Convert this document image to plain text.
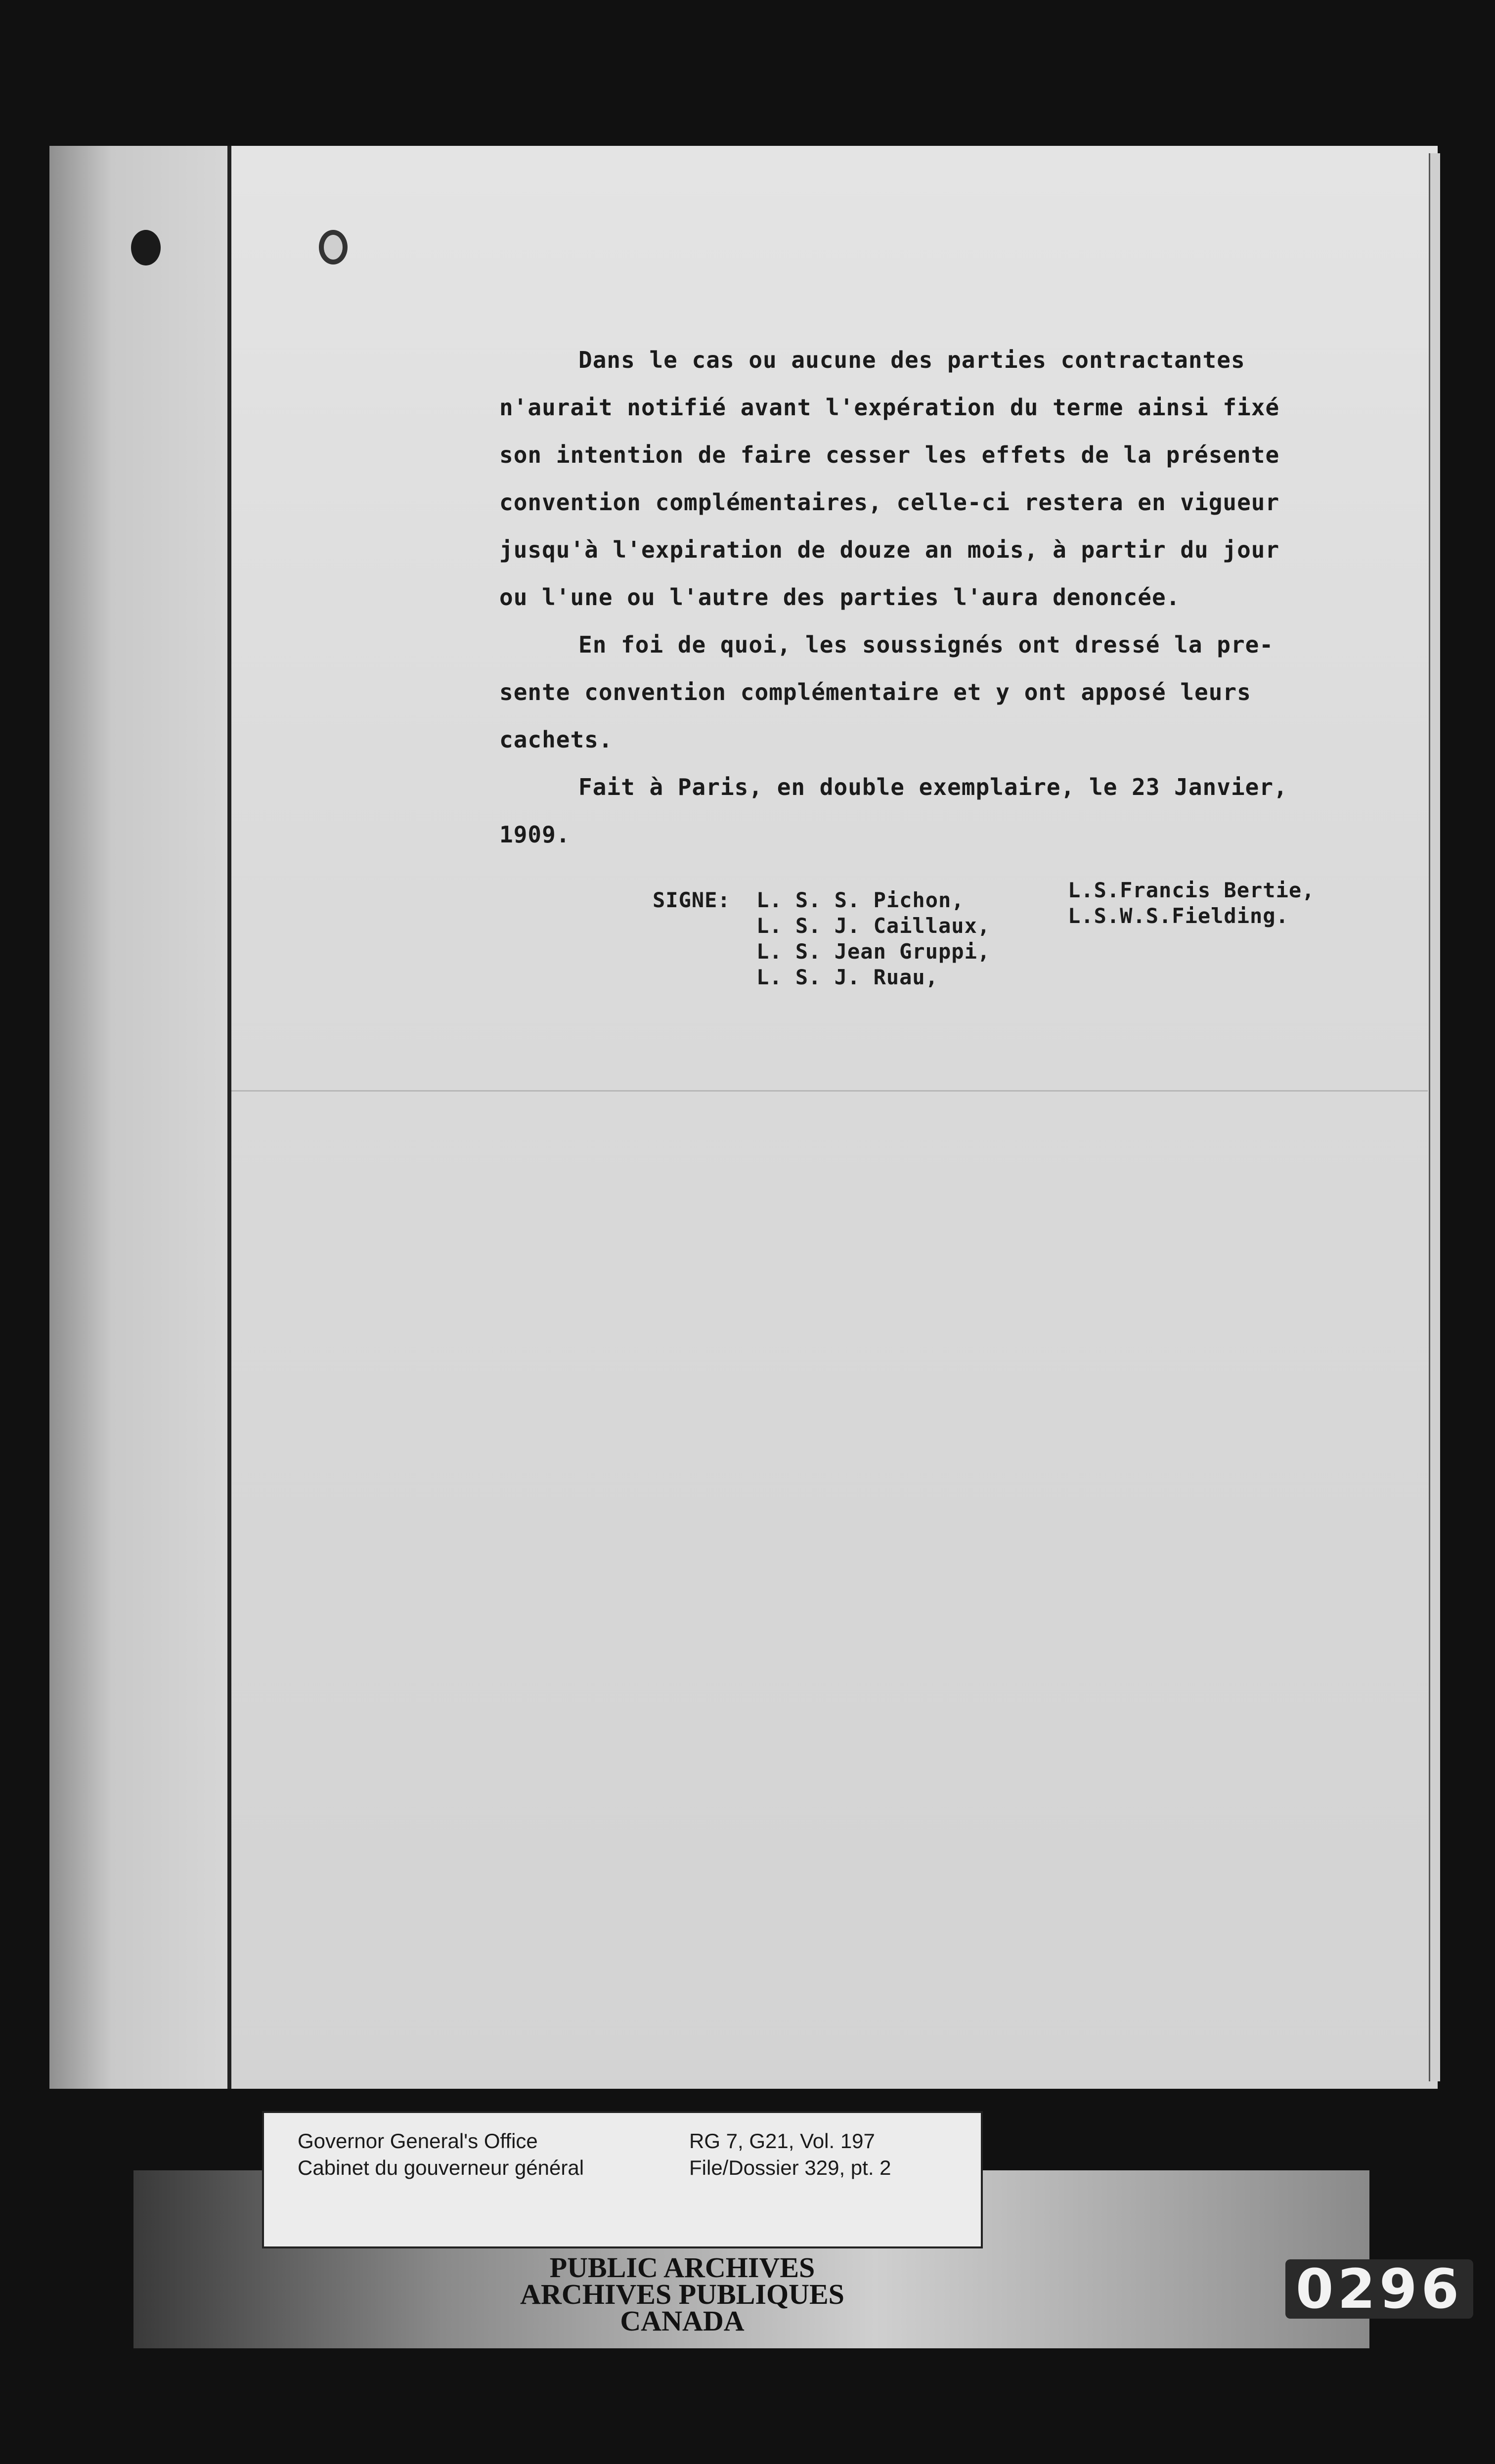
Dans le cas ou aucune des parties contractantes
n'aurait notifié avant l'expération du terme ainsi fixé
son intention de faire cesser les effets de la présente
convention complémentaires, celle-ci restera en vigueur
jusqu'à l'expiration de douze an mois, à partir du jour
ou l'une ou l'autre des parties l'aura denoncée.
En foi de quoi, les soussignés ont dressé la pre-
sente convention complémentaire et y ont apposé leurs
cachets.
Fait à Paris, en double exemplaire, le 23 Janvier,
1909.
SIGNE: L. S. S. Pichon,
L. S. J. Caillaux,
L. S. Jean Gruppi,
L. S. J. Ruau,
L.S.Francis Bertie,
L.S.W.S.Fielding.
Governor General's Office
Cabinet du gouverneur général
RG 7, G21, Vol. 197
File/Dossier 329, pt. 2
PUBLIC ARCHIVES
ARCHIVES PUBLIQUES
CANADA
0296
